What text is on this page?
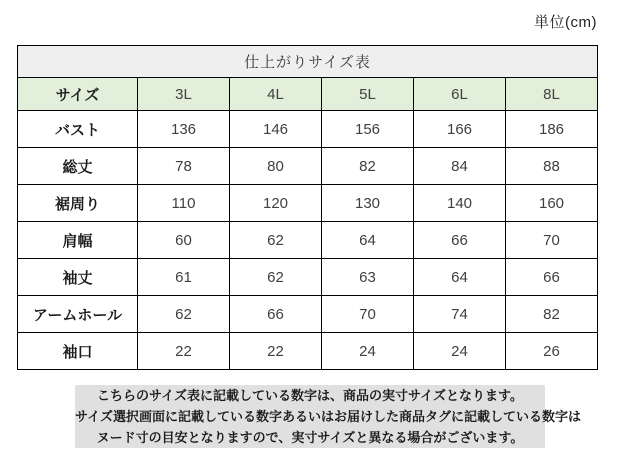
単位(cm)
仕上がりサイズ表					
サイズ	3L	4L	5L	6L	8L
バスト	136	146	156	166	186
総丈	78	80	82	84	88
裾周り	110	120	130	140	160
肩幅	60	62	64	66	70
袖丈	61	62	63	64	66
アームホール	62	66	70	74	82
袖口	22	22	24	24	26
こちらのサイズ表に記載している数字は、商品の実寸サイズとなります。
サイズ選択画面に記載している数字あるいはお届けした商品タグに記載している数字は
ヌード寸の目安となりますので、実寸サイズと異なる場合がございます。
